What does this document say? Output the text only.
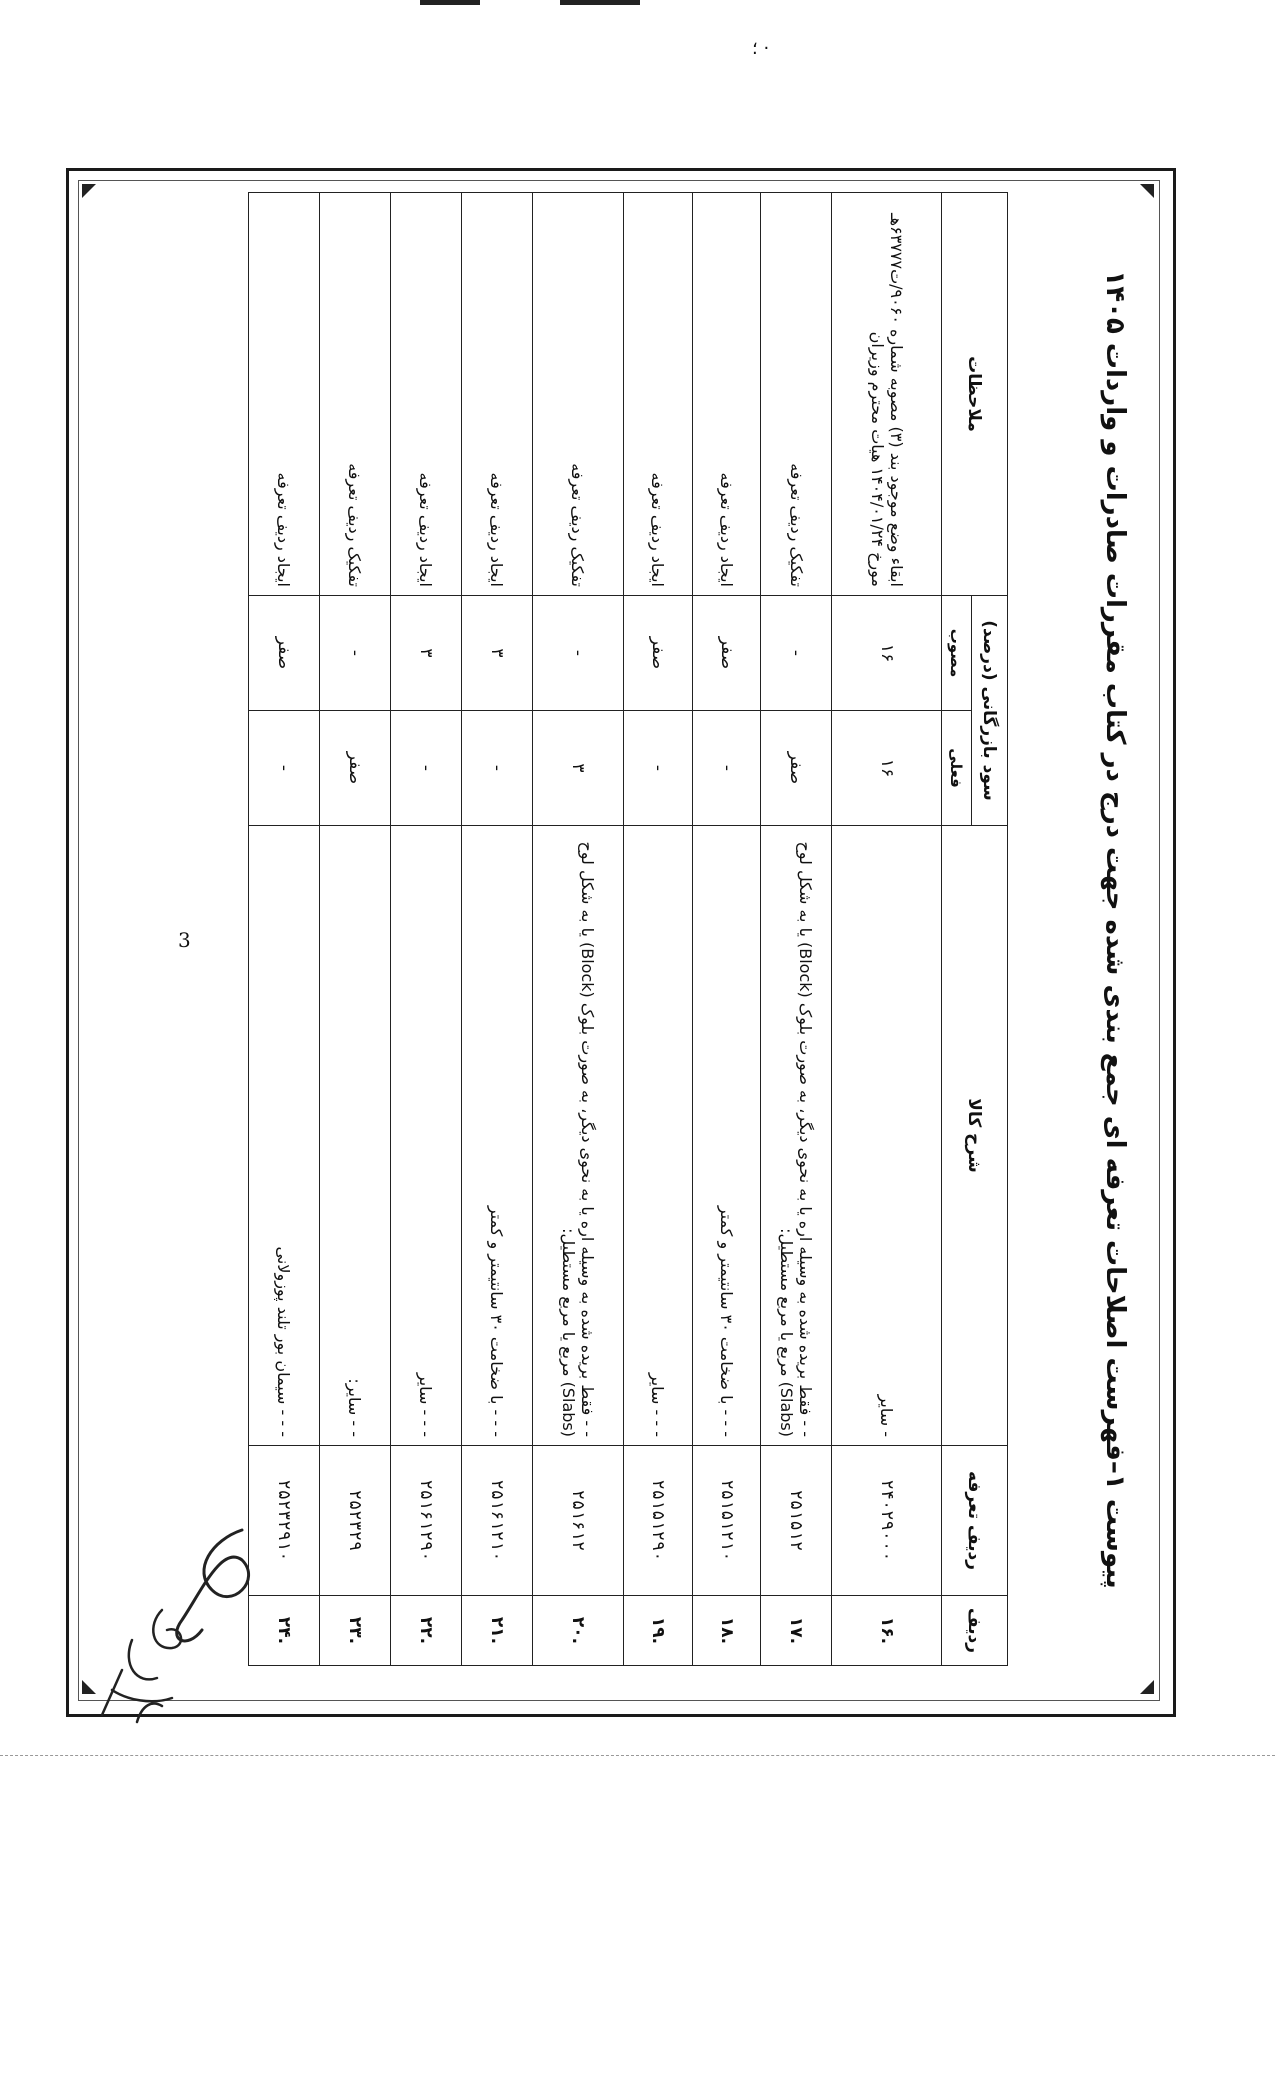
؛ ·
3
پیوست ۱–فهرست اصلاحات تعرفه ای جمع بندی شده جهت درج در کتاب مقررات صادرات و واردات ۱۴۰۵
ردیف	ردیف تعرفه	شرح کالا	سود بازرگانی (درصد)		ملاحظات
			فعلی	مصوب	
.۱۶	۲۴۰۲۹۰۰۰	- سایر	۱۶	۱۶	ابقاء وضع موجود بند (۳) مصوبه شماره ۹۰۶۰/ت۶۳۷۷۷هـ مورخ ۱۴۰۴/۰۱/۲۴ هیات محترم وزیران
.۱۷	۲۵۱۵۱۲	- - فقط بریده شده به وسیله اره یا به نحوی دیگر، به صورت بلوک (Block) یا به شکل لوح (Slabs) مربع یا مربع مستطیل:	صفر	-	تفکیک ردیف تعرفه
.۱۸	۲۵۱۵۱۲۱۰	- - - با ضخامت ۳۰ سانتیمتر و کمتر	-	صفر	ایجاد ردیف تعرفه
.۱۹	۲۵۱۵۱۲۹۰	- - - سایر	-	صفر	ایجاد ردیف تعرفه
.۲۰	۲۵۱۶۱۲	- - فقط بریده شده به وسیله اره یا به نحوی دیگر، به صورت بلوک (Block) یا به شکل لوح (Slabs) مربع یا مربع مستطیل:	۳	-	تفکیک ردیف تعرفه
.۲۱	۲۵۱۶۱۲۱۰	- - - با ضخامت ۳۰ سانتیمتر و کمتر	-	۳	ایجاد ردیف تعرفه
.۲۲	۲۵۱۶۱۲۹۰	- - - سایر	-	۳	ایجاد ردیف تعرفه
.۲۳	۲۵۲۳۲۹	- - سایر:	صفر	-	تفکیک ردیف تعرفه
.۲۴	۲۵۲۳۲۹۱۰	- - - سیمان بور تلند پوزولانی	-	صفر	ایجاد ردیف تعرفه
